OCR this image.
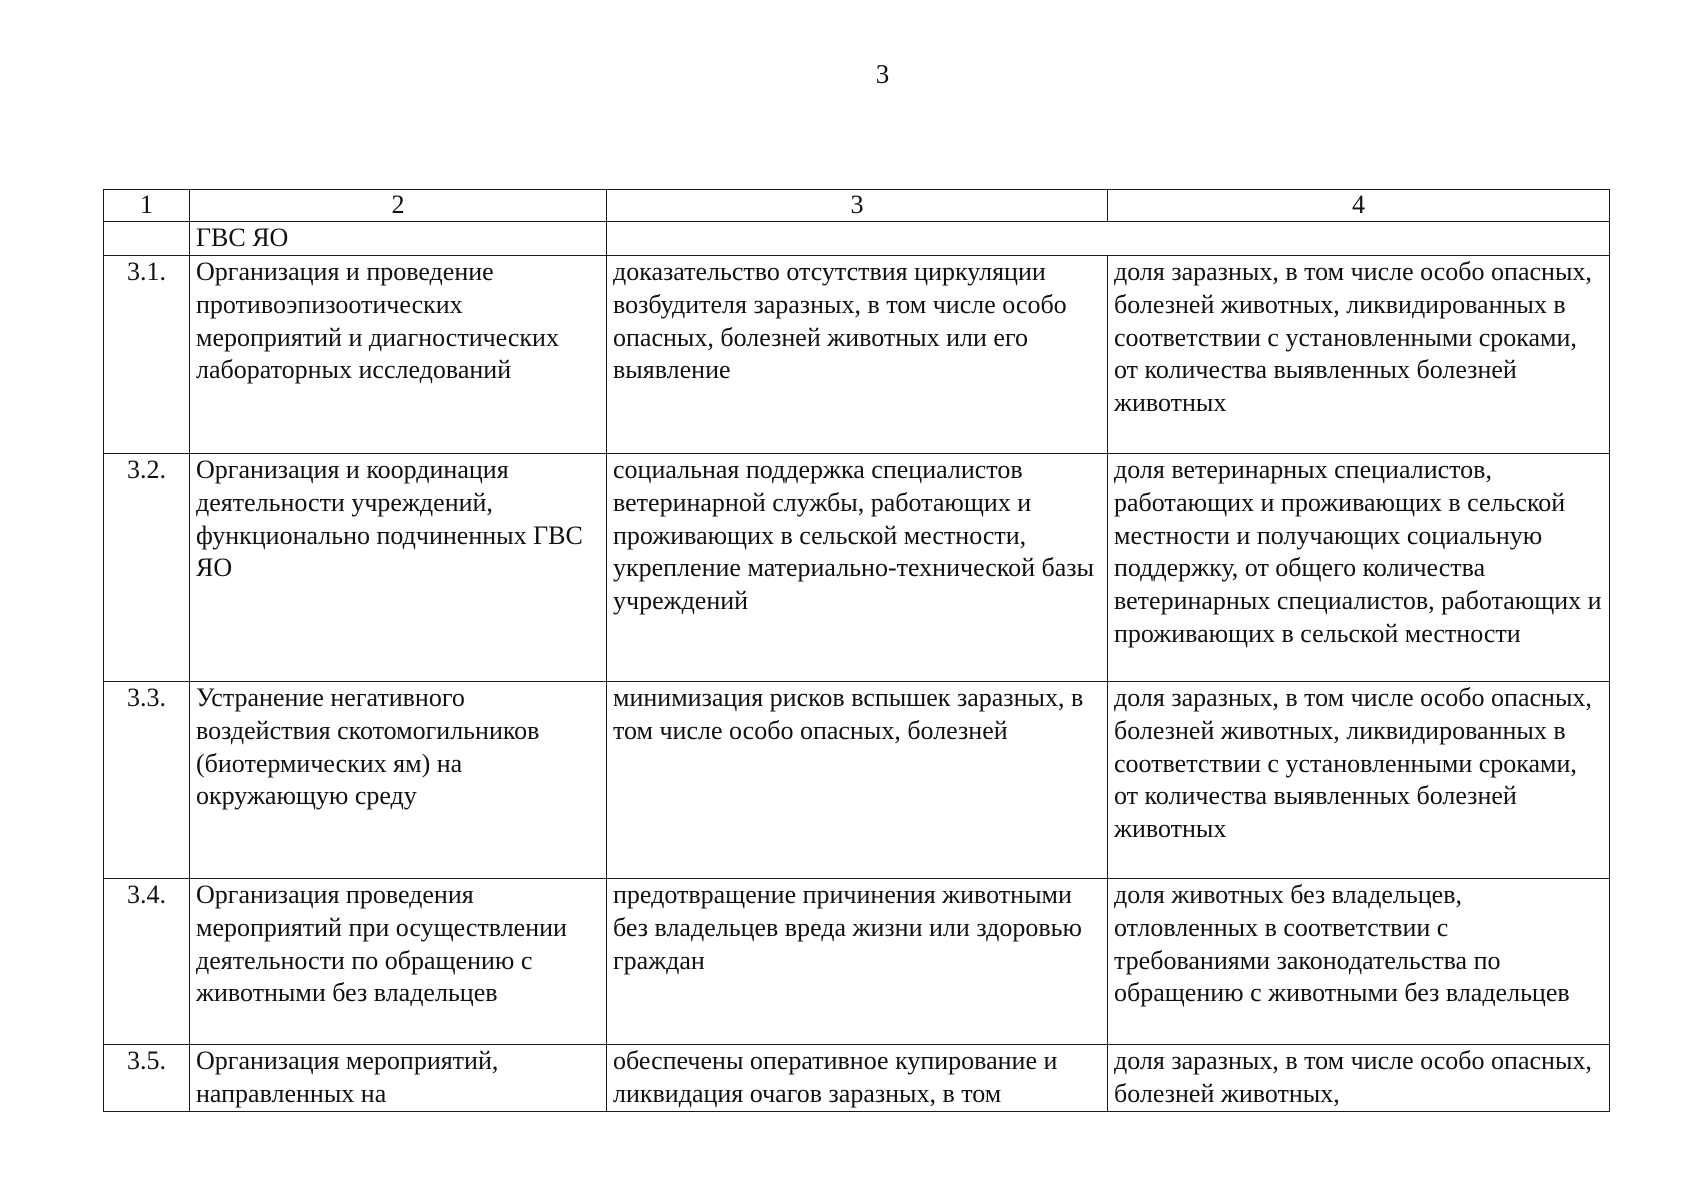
3
1	2	3	4
	ГВС ЯО		
3.1.	Организация и проведение противоэпизоотических мероприятий и диагностических лабораторных исследований	доказательство отсутствия циркуляции возбудителя заразных, в том числе особо опасных, болезней животных или его выявление	доля заразных, в том числе особо опасных, болезней животных, ликвидированных в соответствии с установленными сроками, от количества выявленных болезней животных
3.2.	Организация и координация деятельности учреждений, функционально подчиненных ГВС ЯО	социальная поддержка специалистов ветеринарной службы, работающих и проживающих в сельской местности, укрепление материально-технической базы учреждений	доля ветеринарных специалистов, работающих и проживающих в сельской местности и получающих социальную поддержку, от общего количества ветеринарных специалистов, работающих и проживающих в сельской местности
3.3.	Устранение негативного воздействия скотомогильников (биотермических ям) на окружающую среду	минимизация рисков вспышек заразных, в том числе особо опасных, болезней	доля заразных, в том числе особо опасных, болезней животных, ликвидированных в соответствии с установленными сроками, от количества выявленных болезней животных
3.4.	Организация проведения мероприятий при осуществлении деятельности по обращению с животными без владельцев	предотвращение причинения животными без владельцев вреда жизни или здоровью граждан	доля животных без владельцев, отловленных в соответствии с требованиями законодательства по обращению с животными без владельцев
3.5.	Организация мероприятий, направленных на	обеспечены оперативное купирование и ликвидация очагов заразных, в том	доля заразных, в том числе особо опасных, болезней животных,
